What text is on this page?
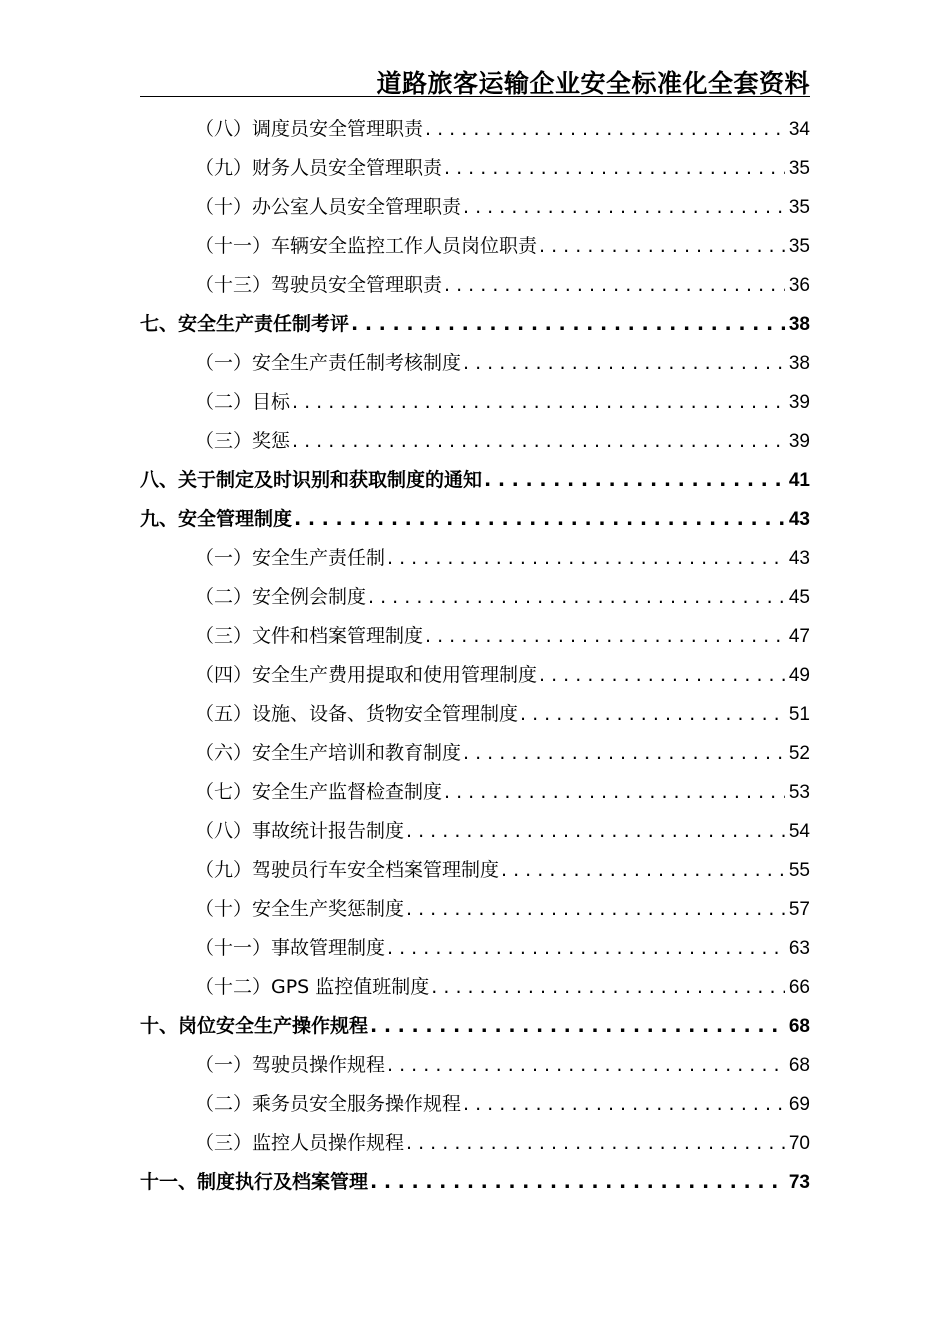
道路旅客运输企业安全标准化全套资料
（八）调度员安全管理职责 . . .	34
（九）财务人员安全管理职责 . . .	35
（十）办公室人员安全管理职责 . . .	35
（十一）车辆安全监控工作人员岗位职责 . . .	35
（十三）驾驶员安全管理职责 . . .	36
七、安全生产责任制考评 . . .	38
（一）安全生产责任制考核制度 . . .	38
（二）目标 . . .	39
（三）奖惩 . . .	39
八、关于制定及时识别和获取制度的通知 . . .	41
九、安全管理制度 . . .	43
（一）安全生产责任制 . . .	43
（二）安全例会制度 . . .	45
（三）文件和档案管理制度 . . .	47
（四）安全生产费用提取和使用管理制度 . . .	49
（五）设施、设备、货物安全管理制度 . . .	51
（六）安全生产培训和教育制度 . . .	52
（七）安全生产监督检查制度 . . .	53
（八）事故统计报告制度 . . .	54
（九）驾驶员行车安全档案管理制度 . . .	55
（十）安全生产奖惩制度 . . .	57
（十一）事故管理制度 . . .	63
（十二）GPS 监控值班制度 . . .	66
十、岗位安全生产操作规程 . . .	68
（一）驾驶员操作规程 . . .	68
（二）乘务员安全服务操作规程 . . .	69
（三）监控人员操作规程 . . .	70
十一、制度执行及档案管理 . . .	73
